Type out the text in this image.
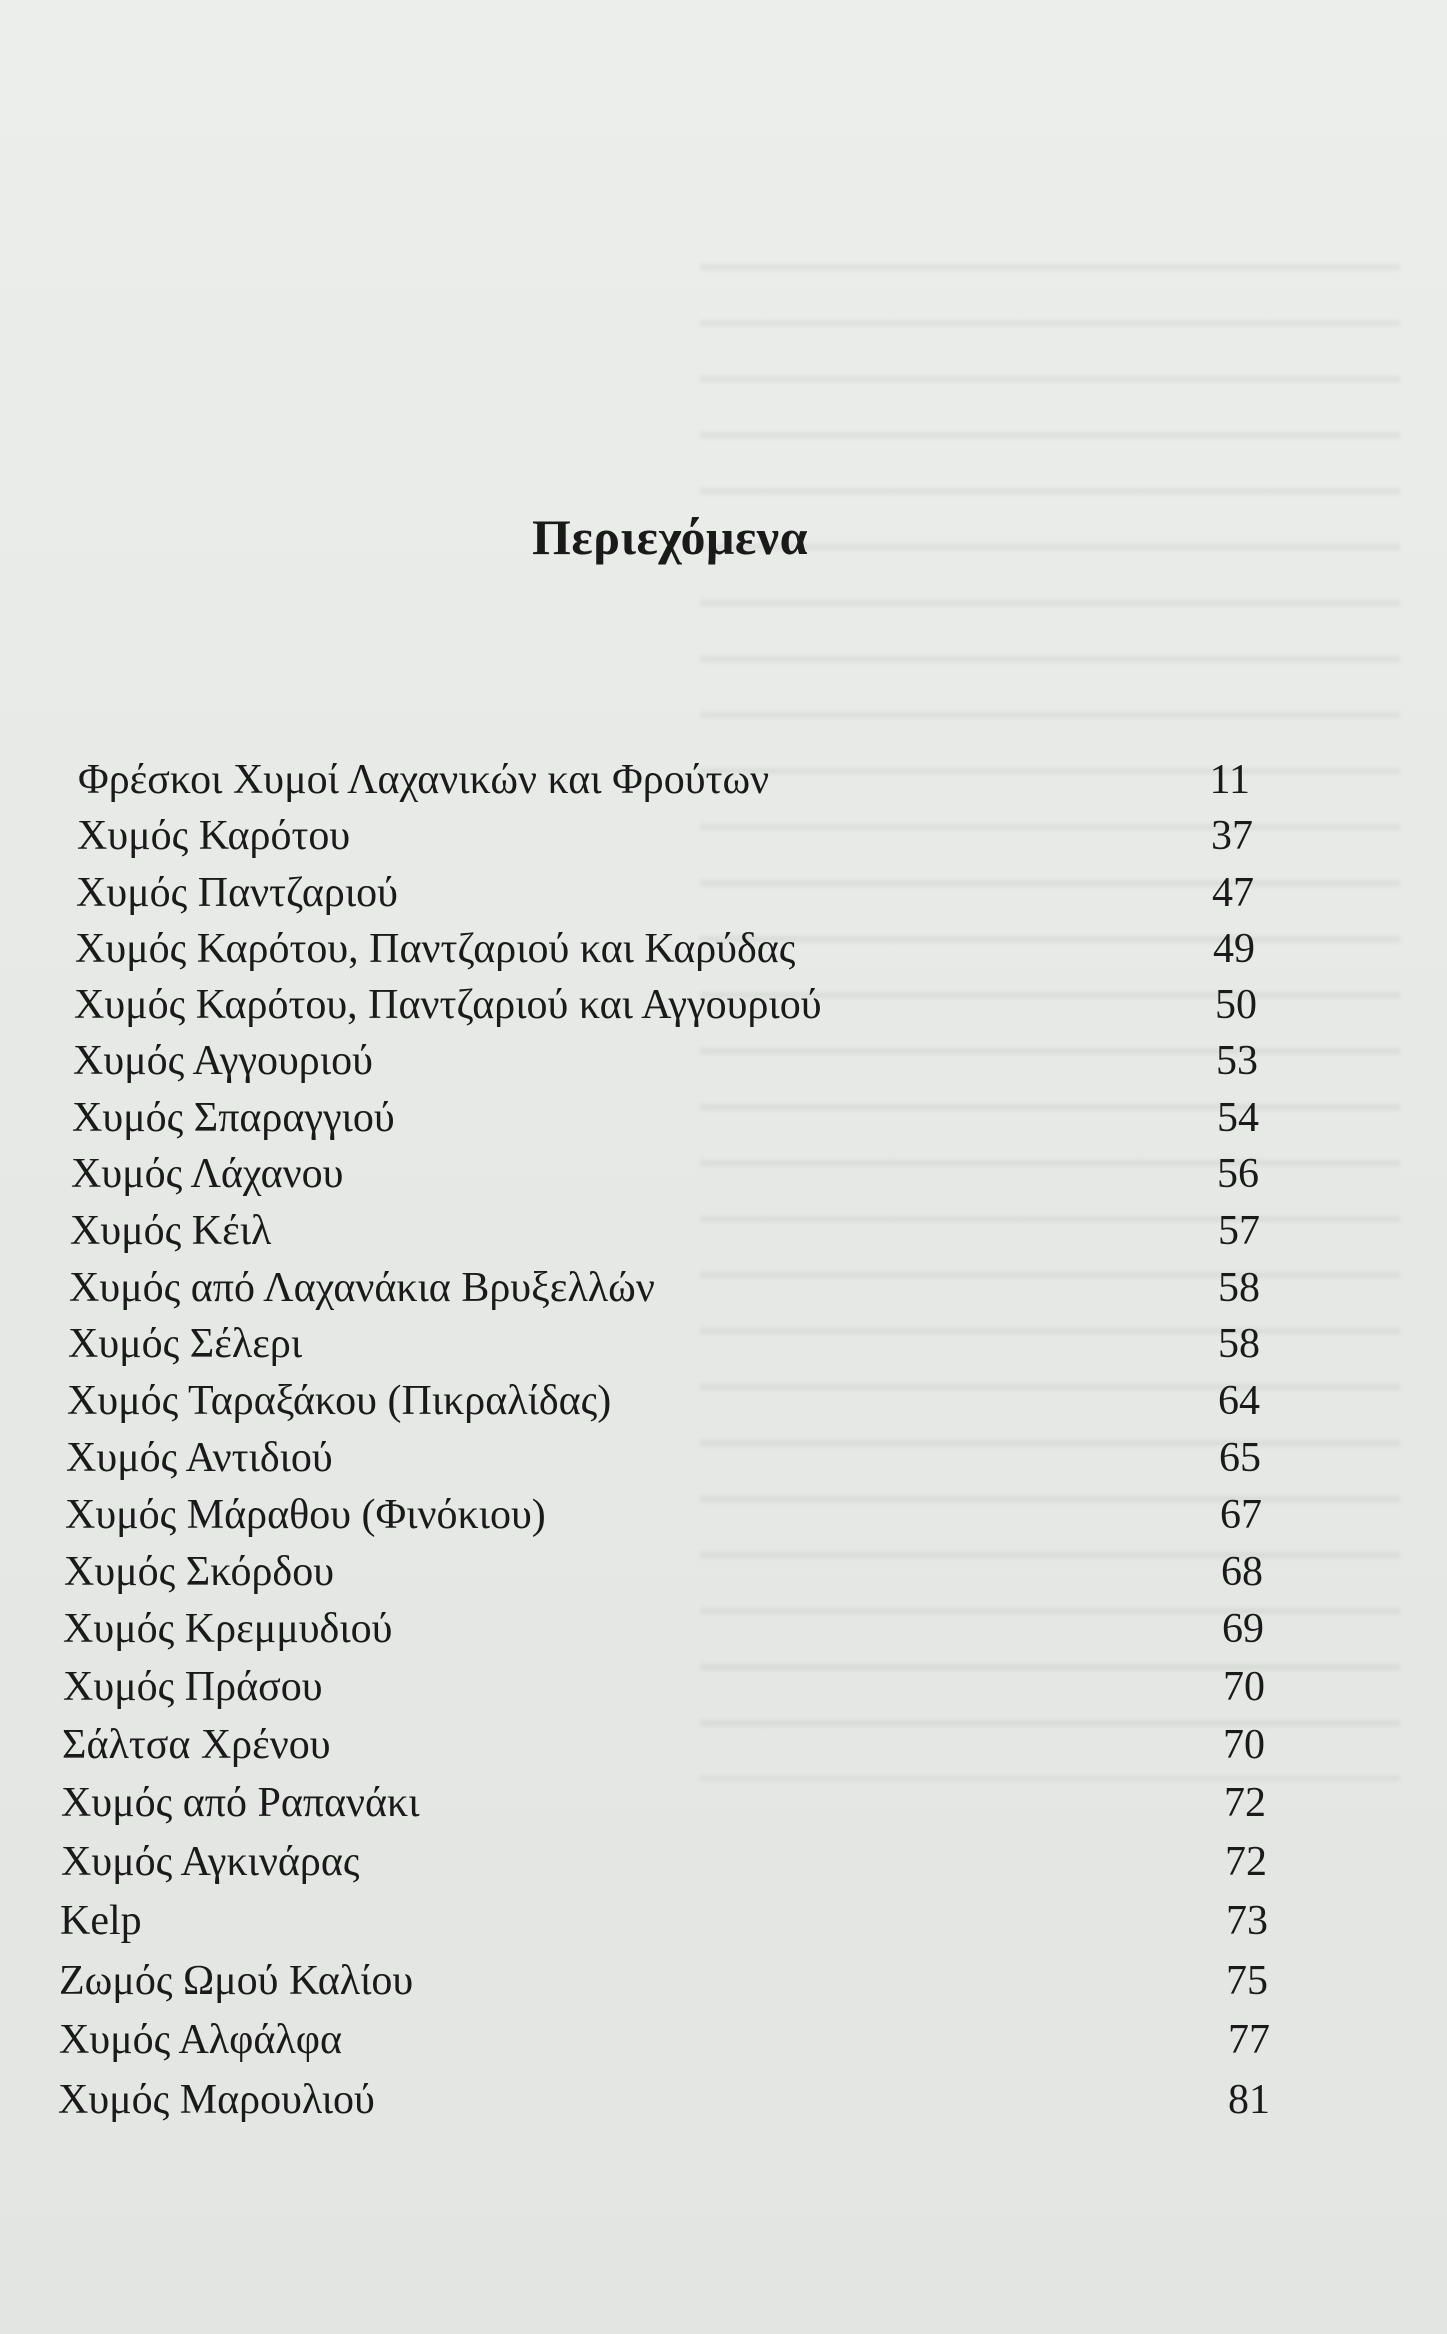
Περιεχόμενα
Φρέσκοι Χυμοί Λαχανικών και Φρούτων	11
Χυμός Καρότου	37
Χυμός Παντζαριού	47
Χυμός Καρότου, Παντζαριού και Καρύδας	49
Χυμός Καρότου, Παντζαριού και Αγγουριού	50
Χυμός Αγγουριού	53
Χυμός Σπαραγγιού	54
Χυμός Λάχανου	56
Χυμός Κέιλ	57
Χυμός από Λαχανάκια Βρυξελλών	58
Χυμός Σέλερι	58
Χυμός Ταραξάκου (Πικραλίδας)	64
Χυμός Αντιδιού	65
Χυμός Μάραθου (Φινόκιου)	67
Χυμός Σκόρδου	68
Χυμός Κρεμμυδιού	69
Χυμός Πράσου	70
Σάλτσα Χρένου	70
Χυμός από Ραπανάκι	72
Χυμός Αγκινάρας	72
Kelp	73
Ζωμός Ωμού Καλίου	75
Χυμός Αλφάλφα	77
Χυμός Μαρουλιού	81
